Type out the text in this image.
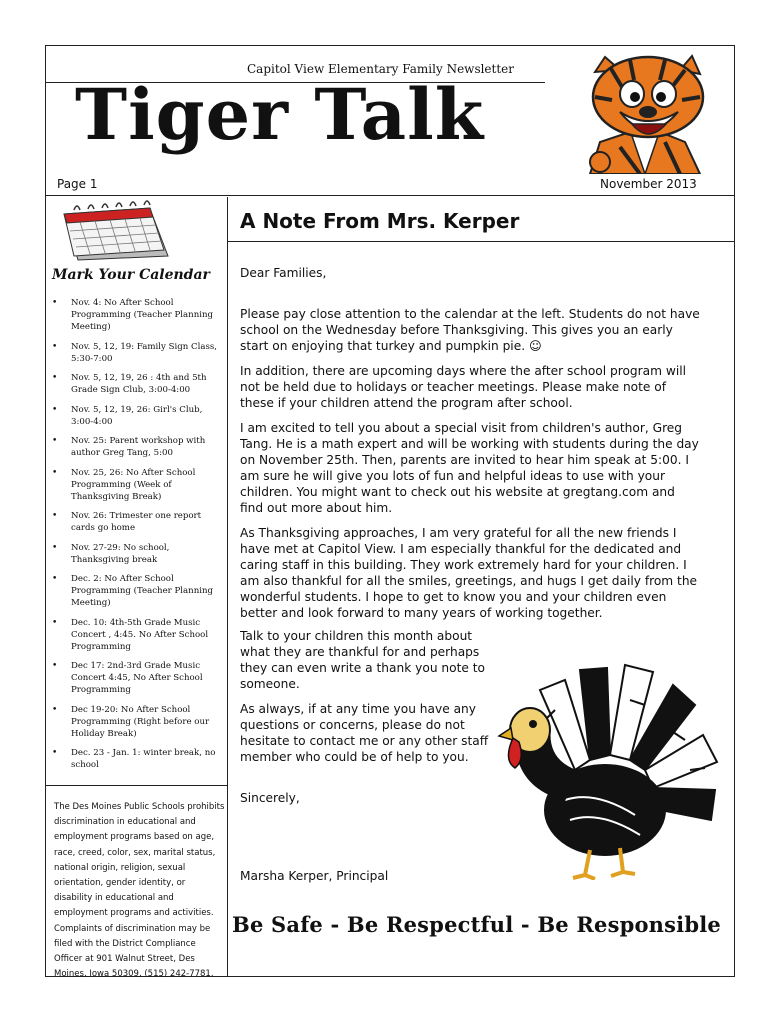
Capitol View Elementary Family Newsletter
Tiger Talk
Page 1	November 2013
Mark Your Calendar
• Nov. 4: No After School Programming (Teacher Planning Meeting)
• Nov. 5, 12, 19: Family Sign Class, 5:30-7:00
• Nov. 5, 12, 19, 26 : 4th and 5th Grade Sign Club, 3:00-4:00
• Nov. 5, 12, 19, 26: Girl's Club, 3:00-4:00
• Nov. 25: Parent workshop with author Greg Tang, 5:00
• Nov. 25, 26: No After School Programming (Week of Thanksgiving Break)
• Nov. 26: Trimester one report cards go home
• Nov. 27-29: No school, Thanksgiving break
• Dec. 2: No After School Programming (Teacher Planning Meeting)
• Dec. 10: 4th-5th Grade Music Concert , 4:45. No After School Programming
• Dec 17: 2nd-3rd Grade Music Concert 4:45, No After School Programming
• Dec 19-20: No After School Programming (Right before our Holiday Break)
• Dec. 23 - Jan. 1: winter break, no school
The Des Moines Public Schools prohibits discrimination in educational and employment programs based on age, race, creed, color, sex, marital status, national origin, religion, sexual orientation, gender identity, or disability in educational and employment programs and activities. Complaints of discrimination may be filed with the District Compliance Officer at 901 Walnut Street, Des Moines, Iowa 50309, (515) 242-7781.
A Note From Mrs. Kerper

Dear Families,

Please pay close attention to the calendar at the left. Students do not have school on the Wednesday before Thanksgiving. This gives you an early start on enjoying that turkey and pumpkin pie. ☺

In addition, there are upcoming days where the after school program will not be held due to holidays or teacher meetings. Please make note of these if your children attend the program after school.

I am excited to tell you about a special visit from children's author, Greg Tang. He is a math expert and will be working with students during the day on November 25th. Then, parents are invited to hear him speak at 5:00. I am sure he will give you lots of fun and helpful ideas to use with your children. You might want to check out his website at gregtang.com and find out more about him.

As Thanksgiving approaches, I am very grateful for all the new friends I have met at Capitol View. I am especially thankful for the dedicated and caring staff in this building. They work extremely hard for your children. I am also thankful for all the smiles, greetings, and hugs I get daily from the wonderful students. I hope to get to know you and your children even better and look forward to many years of working together.

Talk to your children this month about what they are thankful for and perhaps they can even write a thank you note to someone.

As always, if at any time you have any questions or concerns, please do not hesitate to contact me or any other staff member who could be of help to you.

Sincerely,

Marsha Kerper, Principal

Be Safe - Be Respectful - Be Responsible
